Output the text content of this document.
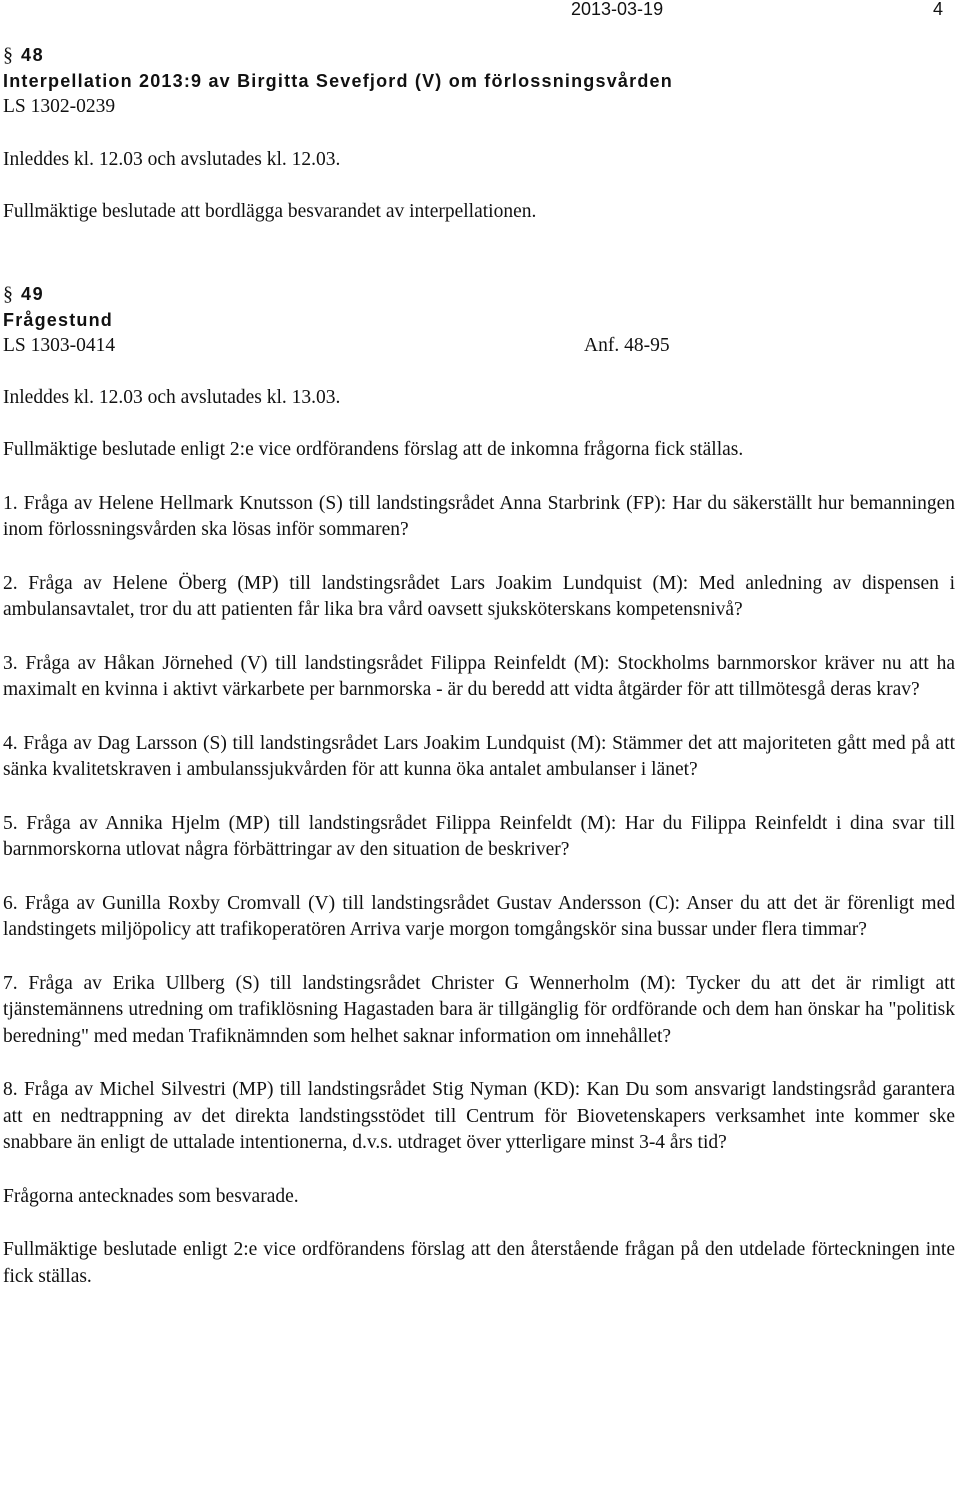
2013-03-19	4
§ 48
Interpellation 2013:9 av Birgitta Sevefjord (V) om förlossningsvården
LS 1302-0239
Inleddes kl. 12.03 och avslutades kl. 12.03.
Fullmäktige beslutade att bordlägga besvarandet av interpellationen.
§ 49
Frågestund
LS 1303-0414	Anf. 48-95
Inleddes kl. 12.03 och avslutades kl. 13.03.

Fullmäktige beslutade enligt 2:e vice ordförandens förslag att de inkomna frågorna fick ställas.

1. Fråga av Helene Hellmark Knutsson (S) till landstingsrådet Anna Starbrink (FP): Har du säkerställt hur bemanningen inom förlossningsvården ska lösas inför sommaren?

2. Fråga av Helene Öberg (MP) till landstingsrådet Lars Joakim Lundquist (M): Med anledning av dispensen i ambulansavtalet, tror du att patienten får lika bra vård oavsett sjuksköterskans kompetensnivå?

3. Fråga av Håkan Jörnehed (V) till landstingsrådet Filippa Reinfeldt (M): Stockholms barnmorskor kräver nu att ha maximalt en kvinna i aktivt värkarbete per barnmorska - är du beredd att vidta åtgärder för att tillmötesgå deras krav?

4. Fråga av Dag Larsson (S) till landstingsrådet Lars Joakim Lundquist (M): Stämmer det att majoriteten gått med på att sänka kvalitetskraven i ambulanssjukvården för att kunna öka antalet ambulanser i länet?

5. Fråga av Annika Hjelm (MP) till landstingsrådet Filippa Reinfeldt (M): Har du Filippa Reinfeldt i dina svar till barnmorskorna utlovat några förbättringar av den situation de beskriver?

6. Fråga av Gunilla Roxby Cromvall (V) till landstingsrådet Gustav Andersson (C): Anser du att det är förenligt med landstingets miljöpolicy att trafikoperatören Arriva varje morgon tomgångskör sina bussar under flera timmar?

7. Fråga av Erika Ullberg (S) till landstingsrådet Christer G Wennerholm (M): Tycker du att det är rimligt att tjänstemännens utredning om trafiklösning Hagastaden bara är tillgänglig för ordförande och dem han önskar ha "politisk beredning" med medan Trafiknämnden som helhet saknar information om innehållet?

8. Fråga av Michel Silvestri (MP) till landstingsrådet Stig Nyman (KD): Kan Du som ansvarigt landstingsråd garantera att en nedtrappning av det direkta landstingsstödet till Centrum för Biovetenskapers verksamhet inte kommer ske snabbare än enligt de uttalade intentionerna, d.v.s. utdraget över ytterligare minst 3-4 års tid?

Frågorna antecknades som besvarade.

Fullmäktige beslutade enligt 2:e vice ordförandens förslag att den återstående frågan på den utdelade förteckningen inte fick ställas.
